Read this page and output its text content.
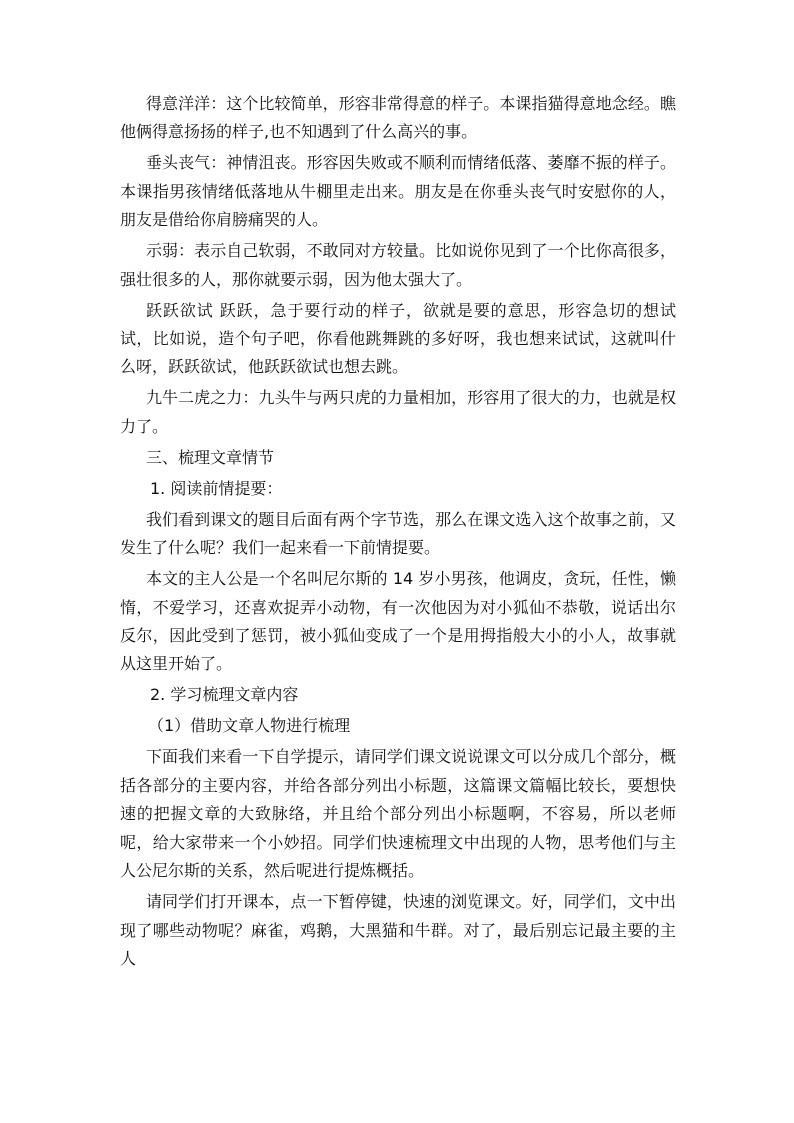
得意洋洋：这个比较简单，形容非常得意的样子。本课指猫得意地念经。瞧他俩得意扬扬的样子,也不知遇到了什么高兴的事。

垂头丧气：神情沮丧。形容因失败或不顺利而情绪低落、萎靡不振的样子。本课指男孩情绪低落地从牛棚里走出来。朋友是在你垂头丧气时安慰你的人，朋友是借给你肩膀痛哭的人。

示弱：表示自己软弱，不敢同对方较量。比如说你见到了一个比你高很多，强壮很多的人，那你就要示弱，因为他太强大了。

跃跃欲试 跃跃，急于要行动的样子，欲就是要的意思，形容急切的想试试，比如说，造个句子吧，你看他跳舞跳的多好呀，我也想来试试，这就叫什么呀，跃跃欲试，他跃跃欲试也想去跳。

九牛二虎之力：九头牛与两只虎的力量相加，形容用了很大的力，也就是权力了。

三、梳理文章情节

1. 阅读前情提要：

我们看到课文的题目后面有两个字节选，那么在课文选入这个故事之前，又发生了什么呢？我们一起来看一下前情提要。

本文的主人公是一个名叫尼尔斯的 14 岁小男孩，他调皮，贪玩，任性，懒惰，不爱学习，还喜欢捉弄小动物，有一次他因为对小狐仙不恭敬，说话出尔反尔，因此受到了惩罚，被小狐仙变成了一个是用拇指般大小的小人，故事就从这里开始了。

2. 学习梳理文章内容

（1）借助文章人物进行梳理

下面我们来看一下自学提示，请同学们课文说说课文可以分成几个部分，概括各部分的主要内容，并给各部分列出小标题，这篇课文篇幅比较长，要想快速的把握文章的大致脉络，并且给个部分列出小标题啊，不容易，所以老师呢，给大家带来一个小妙招。同学们快速梳理文中出现的人物，思考他们与主人公尼尔斯的关系，然后呢进行提炼概括。

请同学们打开课本，点一下暂停键，快速的浏览课文。好，同学们，文中出现了哪些动物呢？麻雀，鸡鹅，大黑猫和牛群。对了，最后别忘记最主要的主人
